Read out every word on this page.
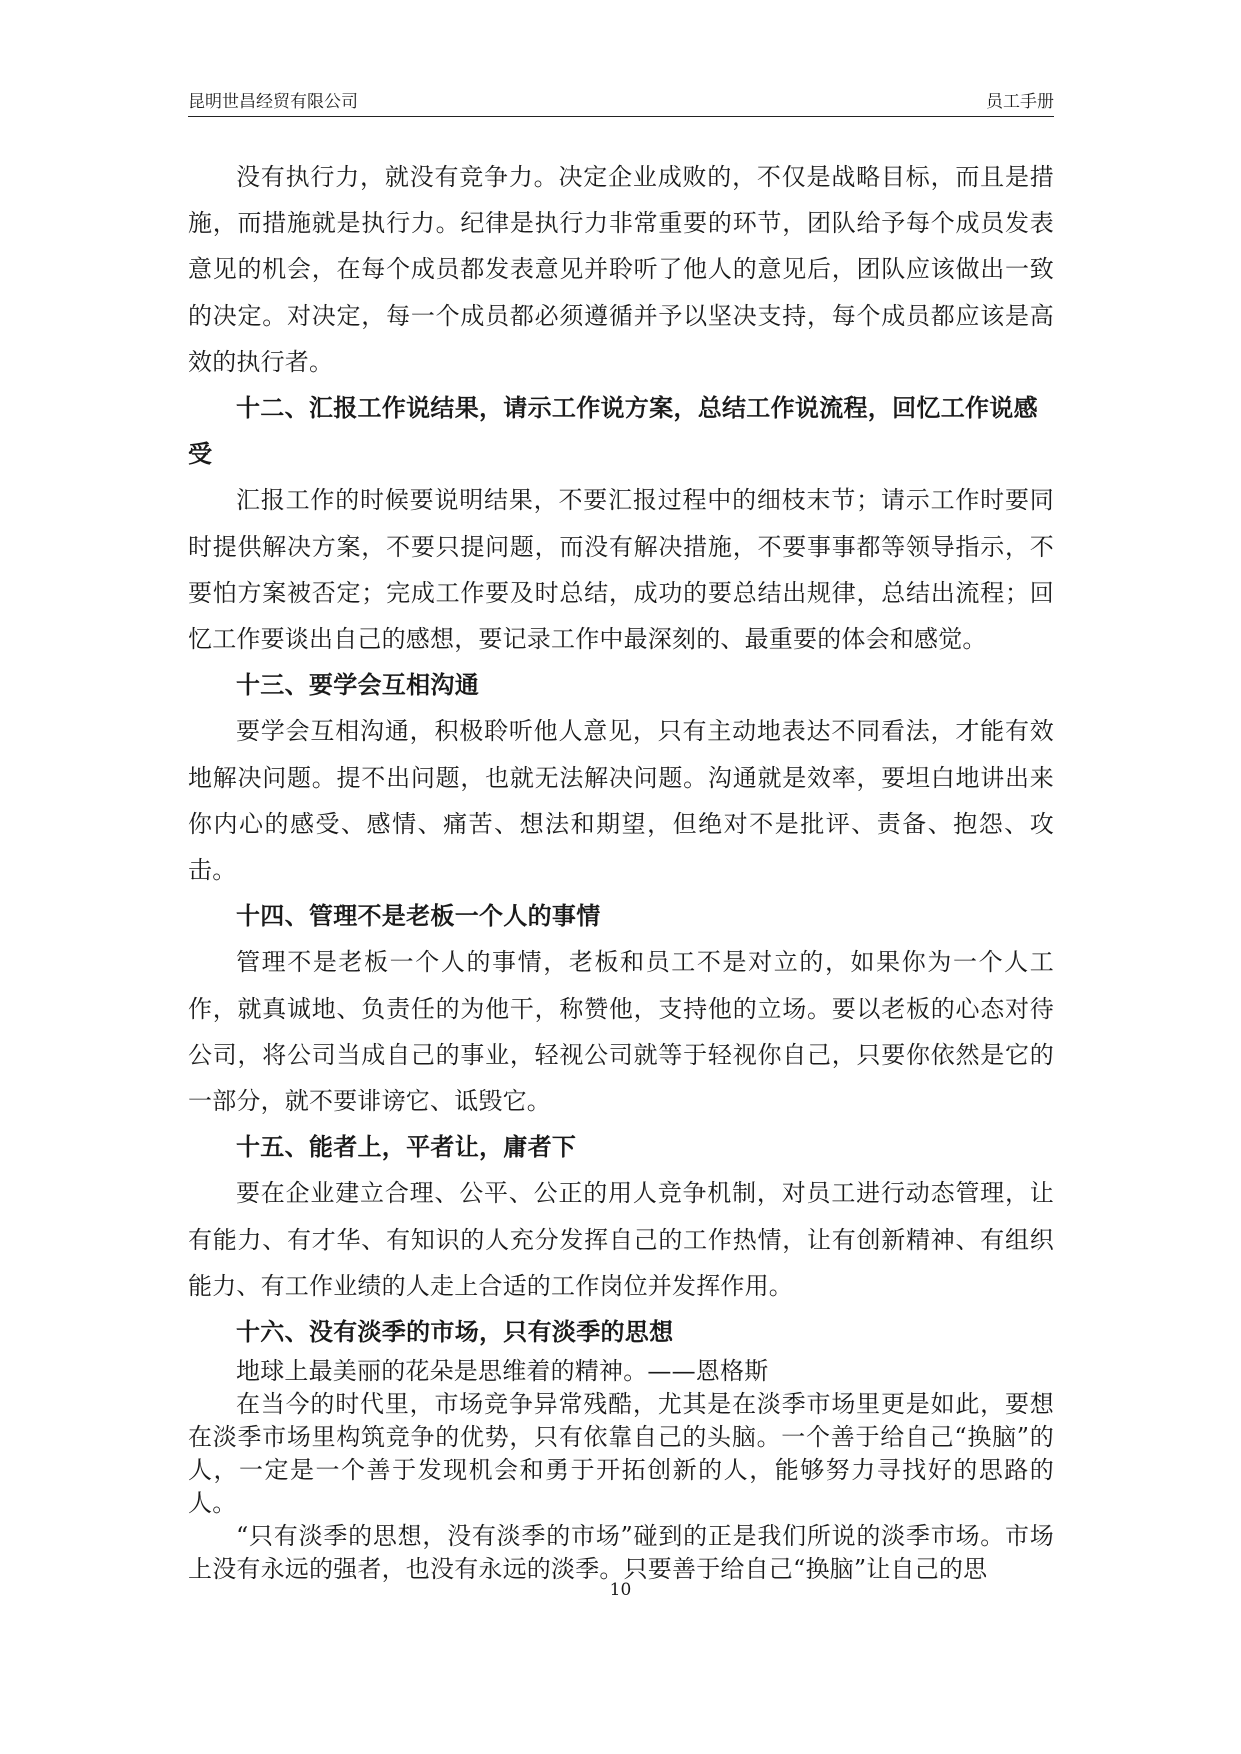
昆明世昌经贸有限公司	员工手册

没有执行力，就没有竞争力。决定企业成败的，不仅是战略目标，而且是措施，而措施就是执行力。纪律是执行力非常重要的环节，团队给予每个成员发表意见的机会，在每个成员都发表意见并聆听了他人的意见后，团队应该做出一致的决定。对决定，每一个成员都必须遵循并予以坚决支持，每个成员都应该是高效的执行者。

十二、汇报工作说结果，请示工作说方案，总结工作说流程，回忆工作说感受

汇报工作的时候要说明结果，不要汇报过程中的细枝末节；请示工作时要同时提供解决方案，不要只提问题，而没有解决措施，不要事事都等领导指示，不要怕方案被否定；完成工作要及时总结，成功的要总结出规律，总结出流程；回忆工作要谈出自己的感想，要记录工作中最深刻的、最重要的体会和感觉。

十三、要学会互相沟通

要学会互相沟通，积极聆听他人意见，只有主动地表达不同看法，才能有效地解决问题。提不出问题，也就无法解决问题。沟通就是效率，要坦白地讲出来你内心的感受、感情、痛苦、想法和期望，但绝对不是批评、责备、抱怨、攻击。

十四、管理不是老板一个人的事情

管理不是老板一个人的事情，老板和员工不是对立的，如果你为一个人工作，就真诚地、负责任的为他干，称赞他，支持他的立场。要以老板的心态对待公司，将公司当成自己的事业，轻视公司就等于轻视你自己，只要你依然是它的一部分，就不要诽谤它、诋毁它。

十五、能者上，平者让，庸者下

要在企业建立合理、公平、公正的用人竞争机制，对员工进行动态管理，让有能力、有才华、有知识的人充分发挥自己的工作热情，让有创新精神、有组织能力、有工作业绩的人走上合适的工作岗位并发挥作用。

十六、没有淡季的市场，只有淡季的思想

地球上最美丽的花朵是思维着的精神。——恩格斯

在当今的时代里，市场竞争异常残酷，尤其是在淡季市场里更是如此，要想在淡季市场里构筑竞争的优势，只有依靠自己的头脑。一个善于给自己“换脑”的人，一定是一个善于发现机会和勇于开拓创新的人，能够努力寻找好的思路的人。

“只有淡季的思想，没有淡季的市场”碰到的正是我们所说的淡季市场。市场上没有永远的强者，也没有永远的淡季。只要善于给自己“换脑”让自己的思

10
